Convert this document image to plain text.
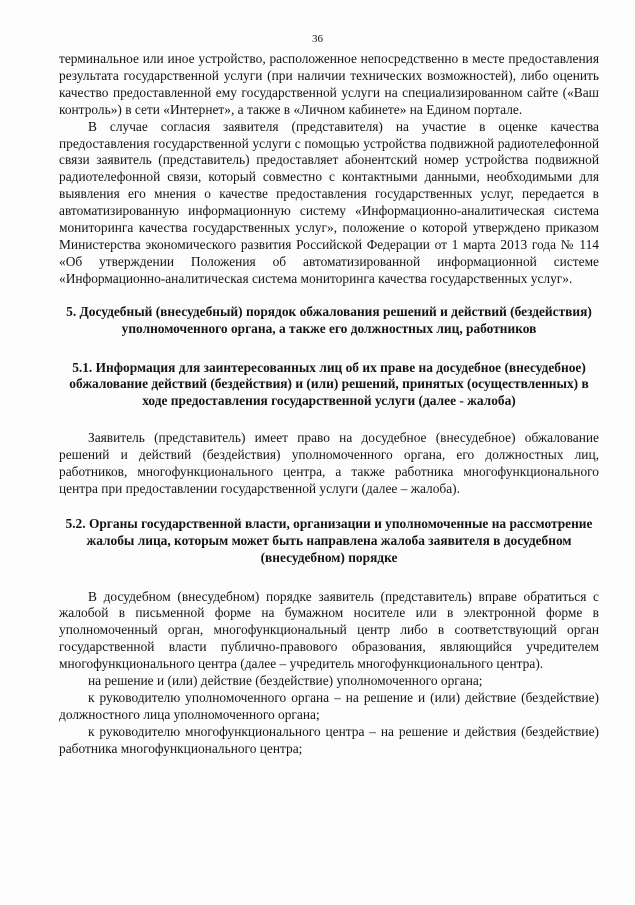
36

терминальное или иное устройство, расположенное непосредственно в месте предоставления результата государственной услуги (при наличии технических возможностей), либо оценить качество предоставленной ему государственной услуги на специализированном сайте («Ваш контроль») в сети «Интернет», а также в «Личном кабинете» на Едином портале.

В случае согласия заявителя (представителя) на участие в оценке качества предоставления государственной услуги с помощью устройства подвижной радиотелефонной связи заявитель (представитель) предоставляет абонентский номер устройства подвижной радиотелефонной связи, который совместно с контактными данными, необходимыми для выявления его мнения о качестве предоставления государственных услуг, передается в автоматизированную информационную систему «Информационно-аналитическая система мониторинга качества государственных услуг», положение о которой утверждено приказом Министерства экономического развития Российской Федерации от 1 марта 2013 года № 114 «Об утверждении Положения об автоматизированной информационной системе «Информационно-аналитическая система мониторинга качества государственных услуг».

5. Досудебный (внесудебный) порядок обжалования решений и действий (бездействия) уполномоченного органа, а также его должностных лиц, работников

5.1. Информация для заинтересованных лиц об их праве на досудебное (внесудебное) обжалование действий (бездействия) и (или) решений, принятых (осуществленных) в ходе предоставления государственной услуги (далее - жалоба)

Заявитель (представитель) имеет право на досудебное (внесудебное) обжалование решений и действий (бездействия) уполномоченного органа, его должностных лиц, работников, многофункционального центра, а также работника многофункционального центра при предоставлении государственной услуги (далее – жалоба).

5.2. Органы государственной власти, организации и уполномоченные на рассмотрение жалобы лица, которым может быть направлена жалоба заявителя в досудебном (внесудебном) порядке

В досудебном (внесудебном) порядке заявитель (представитель) вправе обратиться с жалобой в письменной форме на бумажном носителе или в электронной форме в уполномоченный орган, многофункциональный центр либо в соответствующий орган государственной власти публично-правового образования, являющийся учредителем многофункционального центра (далее – учредитель многофункционального центра).

на решение и (или) действие (бездействие) уполномоченного органа;

к руководителю уполномоченного органа – на решение и (или) действие (бездействие) должностного лица уполномоченного органа;

к руководителю многофункционального центра – на решение и действия (бездействие) работника многофункционального центра;
